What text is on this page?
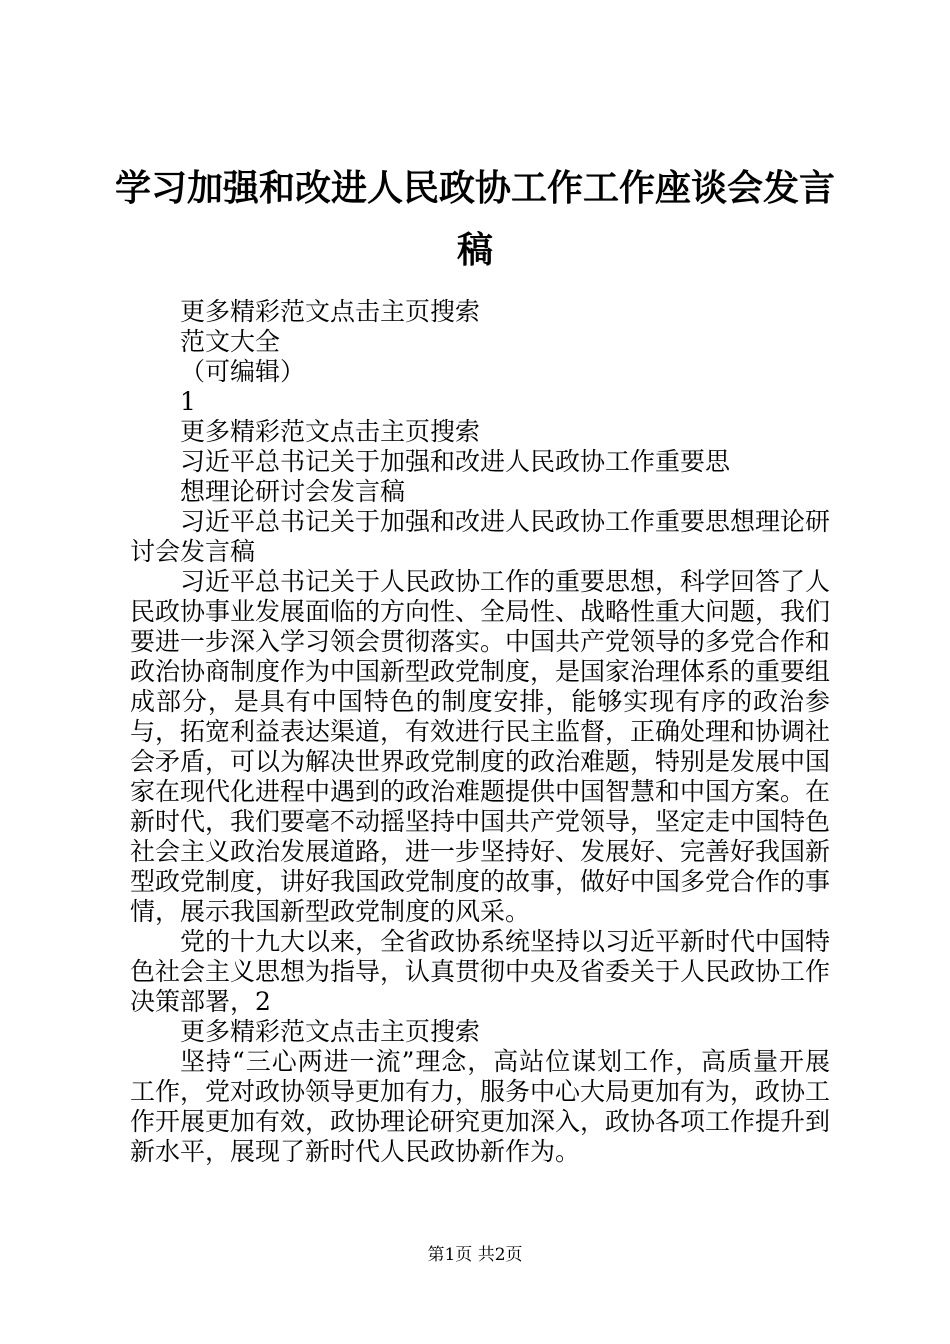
学习加强和改进人民政协工作工作座谈会发言稿
更多精彩范文点击主页搜索
范文大全
（可编辑）
1
更多精彩范文点击主页搜索
习近平总书记关于加强和改进人民政协工作重要思
想理论研讨会发言稿
习近平总书记关于加强和改进人民政协工作重要思想理论研讨会发言稿
习近平总书记关于人民政协工作的重要思想，科学回答了人民政协事业发展面临的方向性、全局性、战略性重大问题，我们要进一步深入学习领会贯彻落实。中国共产党领导的多党合作和政治协商制度作为中国新型政党制度，是国家治理体系的重要组成部分，是具有中国特色的制度安排，能够实现有序的政治参与，拓宽利益表达渠道，有效进行民主监督，正确处理和协调社会矛盾，可以为解决世界政党制度的政治难题，特别是发展中国家在现代化进程中遇到的政治难题提供中国智慧和中国方案。在新时代，我们要毫不动摇坚持中国共产党领导，坚定走中国特色社会主义政治发展道路，进一步坚持好、发展好、完善好我国新型政党制度，讲好我国政党制度的故事，做好中国多党合作的事情，展示我国新型政党制度的风采。
党的十九大以来，全省政协系统坚持以习近平新时代中国特色社会主义思想为指导，认真贯彻中央及省委关于人民政协工作决策部署，2
更多精彩范文点击主页搜索
坚持“三心两进一流”理念，高站位谋划工作，高质量开展工作，党对政协领导更加有力，服务中心大局更加有为，政协工作开展更加有效，政协理论研究更加深入，政协各项工作提升到新水平，展现了新时代人民政协新作为。
第1页 共2页
